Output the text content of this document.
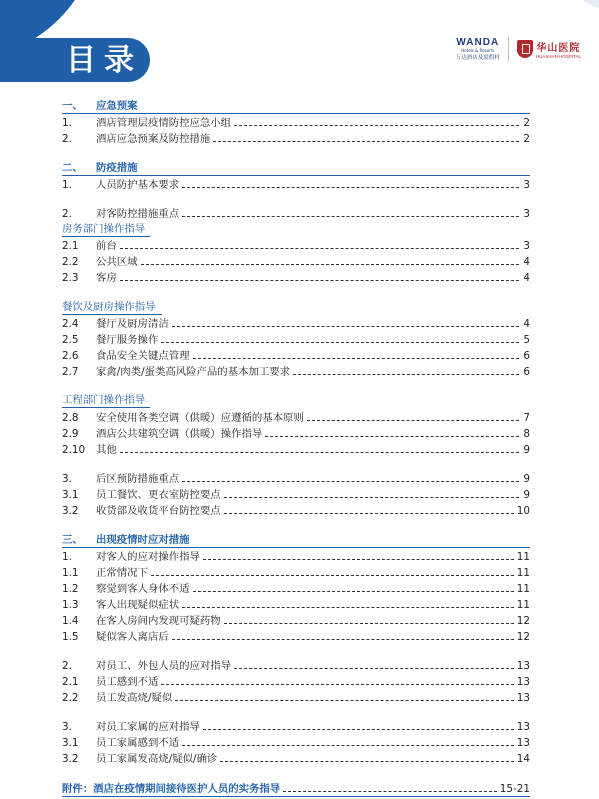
目录
WANDA
Hotels & Resorts
万达酒店及度假村
华山医院
HUASHAN HOSPITAL
一、	应急预案
1.	酒店管理层疫情防控应急小组	2
2.	酒店应急预案及防控措施	2
二、	防疫措施
1.	人员防护基本要求	3
2.	对客防控措施重点	3
房务部门操作指导
2.1	前台	3
2.2	公共区域	4
2.3	客房	4
餐饮及厨房操作指导
2.4	餐厅及厨房清洁	4
2.5	餐厅服务操作	5
2.6	食品安全关键点管理	6
2.7	家禽/肉类/蛋类高风险产品的基本加工要求	6
工程部门操作指导
2.8	安全使用各类空调（供暖）应遵循的基本原则	7
2.9	酒店公共建筑空调（供暖）操作指导	8
2.10	其他	9
3.	后区预防措施重点	9
3.1	员工餐饮、更衣室防控要点	9
3.2	收货部及收货平台防控要点	10
三、	出现疫情时应对措施
1.	对客人的应对操作指导	11
1.1	正常情况下	11
1.2	察觉到客人身体不适	11
1.3	客人出现疑似症状	11
1.4	在客人房间内发现可疑药物	12
1.5	疑似客人离店后	12
2.	对员工、外包人员的应对指导	13
2.1	员工感到不适	13
2.2	员工发高烧/疑似	13
3.	对员工家属的应对指导	13
3.1	员工家属感到不适	13
3.2	员工家属发高烧/疑似/确诊	14
附件：酒店在疫情期间接待医护人员的实务指导	15-21
